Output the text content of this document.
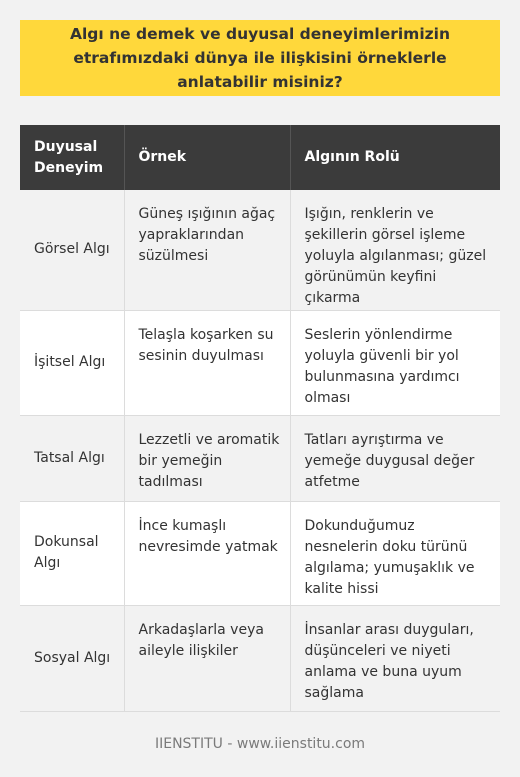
Algı ne demek ve duyusal deneyimlerimizin etrafımızdaki dünya ile ilişkisini örneklerle anlatabilir misiniz?
Duyusal Deneyim	Örnek	Algının Rolü
Görsel Algı	Güneş ışığının ağaç yapraklarından süzülmesi	Işığın, renklerin ve şekillerin görsel işleme yoluyla algılanması; güzel görünümün keyfini çıkarma
İşitsel Algı	Telaşla koşarken su sesinin duyulması	Seslerin yönlendirme yoluyla güvenli bir yol bulunmasına yardımcı olması
Tatsal Algı	Lezzetli ve aromatik bir yemeğin tadılması	Tatları ayrıştırma ve yemeğe duygusal değer atfetme
Dokunsal Algı	İnce kumaşlı nevresimde yatmak	Dokunduğumuz nesnelerin doku türünü algılama; yumuşaklık ve kalite hissi
Sosyal Algı	Arkadaşlarla veya aileyle ilişkiler	İnsanlar arası duyguları, düşünceleri ve niyeti anlama ve buna uyum sağlama
IIENSTITU - www.iienstitu.com
